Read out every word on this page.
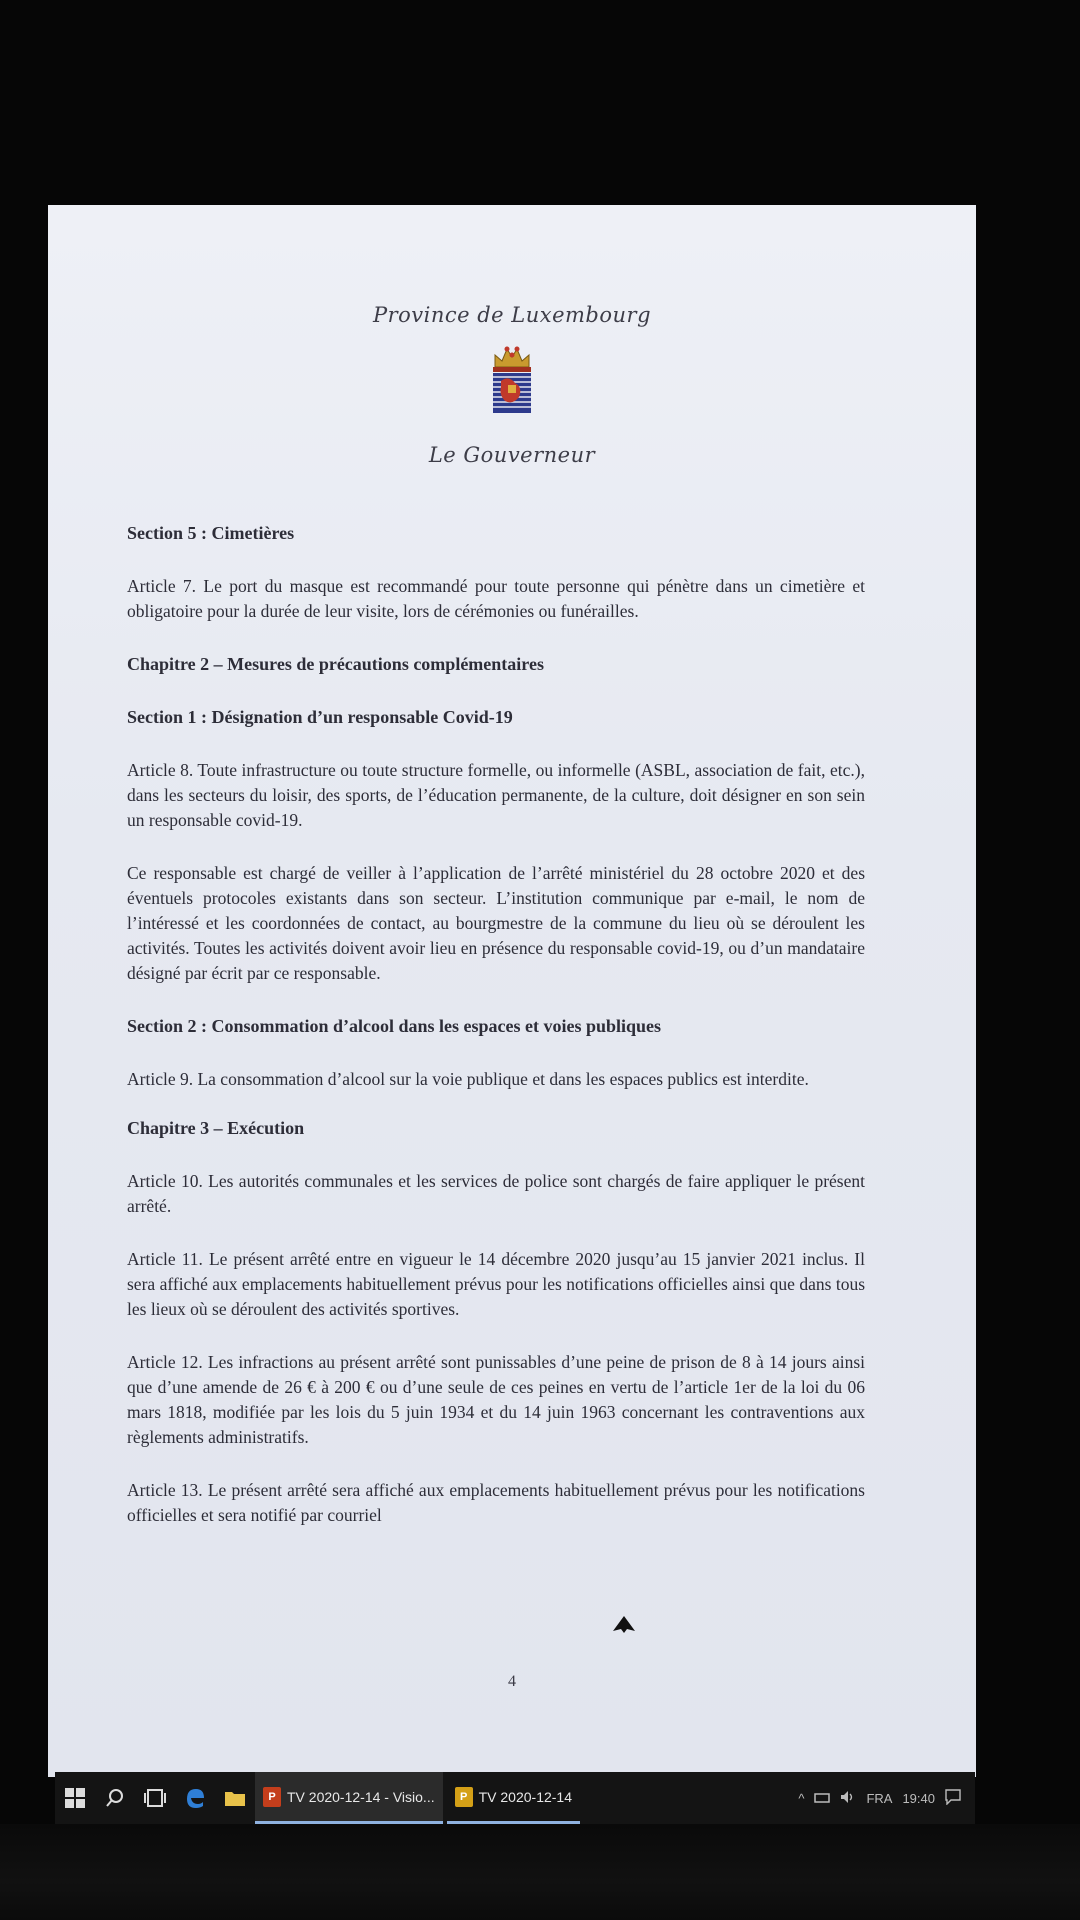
Province de Luxembourg
Le Gouverneur

Section 5 : Cimetières

Article 7. Le port du masque est recommandé pour toute personne qui pénètre dans un cimetière et obligatoire pour la durée de leur visite, lors de cérémonies ou funérailles.

Chapitre 2 – Mesures de précautions complémentaires

Section 1 : Désignation d’un responsable Covid-19

Article 8. Toute infrastructure ou toute structure formelle, ou informelle (ASBL, association de fait, etc.), dans les secteurs du loisir, des sports, de l’éducation permanente, de la culture, doit désigner en son sein un responsable covid-19.

Ce responsable est chargé de veiller à l’application de l’arrêté ministériel du 28 octobre 2020 et des éventuels protocoles existants dans son secteur. L’institution communique par e-mail, le nom de l’intéressé et les coordonnées de contact, au bourgmestre de la commune du lieu où se déroulent les activités. Toutes les activités doivent avoir lieu en présence du responsable covid-19, ou d’un mandataire désigné par écrit par ce responsable.

Section 2 : Consommation d’alcool dans les espaces et voies publiques

Article 9. La consommation d’alcool sur la voie publique et dans les espaces publics est interdite.

Chapitre 3 – Exécution

Article 10. Les autorités communales et les services de police sont chargés de faire appliquer le présent arrêté.

Article 11. Le présent arrêté entre en vigueur le 14 décembre 2020 jusqu’au 15 janvier 2021 inclus. Il sera affiché aux emplacements habituellement prévus pour les notifications officielles ainsi que dans tous les lieux où se déroulent des activités sportives.

Article 12. Les infractions au présent arrêté sont punissables d’une peine de prison de 8 à 14 jours ainsi que d’une amende de 26 € à 200 € ou d’une seule de ces peines en vertu de l’article 1er de la loi du 06 mars 1818, modifiée par les lois du 5 juin 1934 et du 14 juin 1963 concernant les contraventions aux règlements administratifs.

Article 13. Le présent arrêté sera affiché aux emplacements habituellement prévus pour les notifications officielles et sera notifié par courriel

4
P TV 2020-12-14 - Visio...	P TV 2020-12-14	^	FRA 19:40
